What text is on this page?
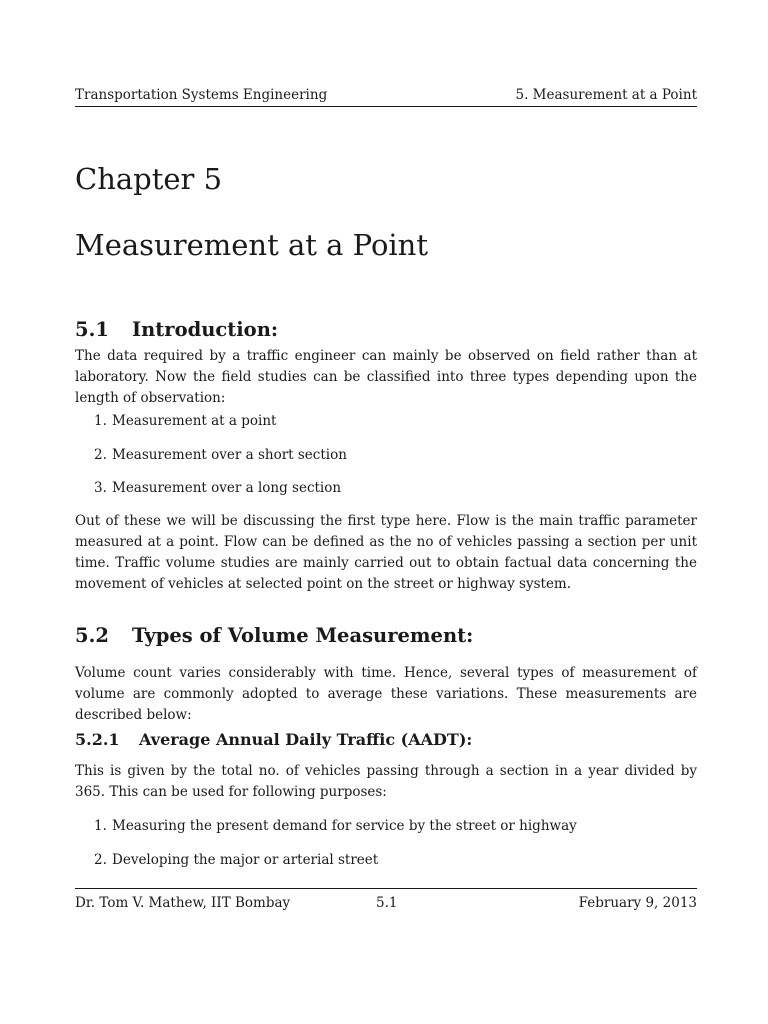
Transportation Systems Engineering	5. Measurement at a Point
Chapter 5
Measurement at a Point
5.1 Introduction:

The data required by a traffic engineer can mainly be observed on field rather than at laboratory. Now the field studies can be classified into three types depending upon the length of observation:

1. Measurement at a point
2. Measurement over a short section
3. Measurement over a long section

Out of these we will be discussing the first type here. Flow is the main traffic parameter measured at a point. Flow can be defined as the no of vehicles passing a section per unit time. Traffic volume studies are mainly carried out to obtain factual data concerning the movement of vehicles at selected point on the street or highway system.

5.2 Types of Volume Measurement:

Volume count varies considerably with time. Hence, several types of measurement of volume are commonly adopted to average these variations. These measurements are described below:

5.2.1 Average Annual Daily Traffic (AADT):

This is given by the total no. of vehicles passing through a section in a year divided by 365. This can be used for following purposes:

1. Measuring the present demand for service by the street or highway
2. Developing the major or arterial street
Dr. Tom V. Mathew, IIT Bombay	5.1	February 9, 2013
